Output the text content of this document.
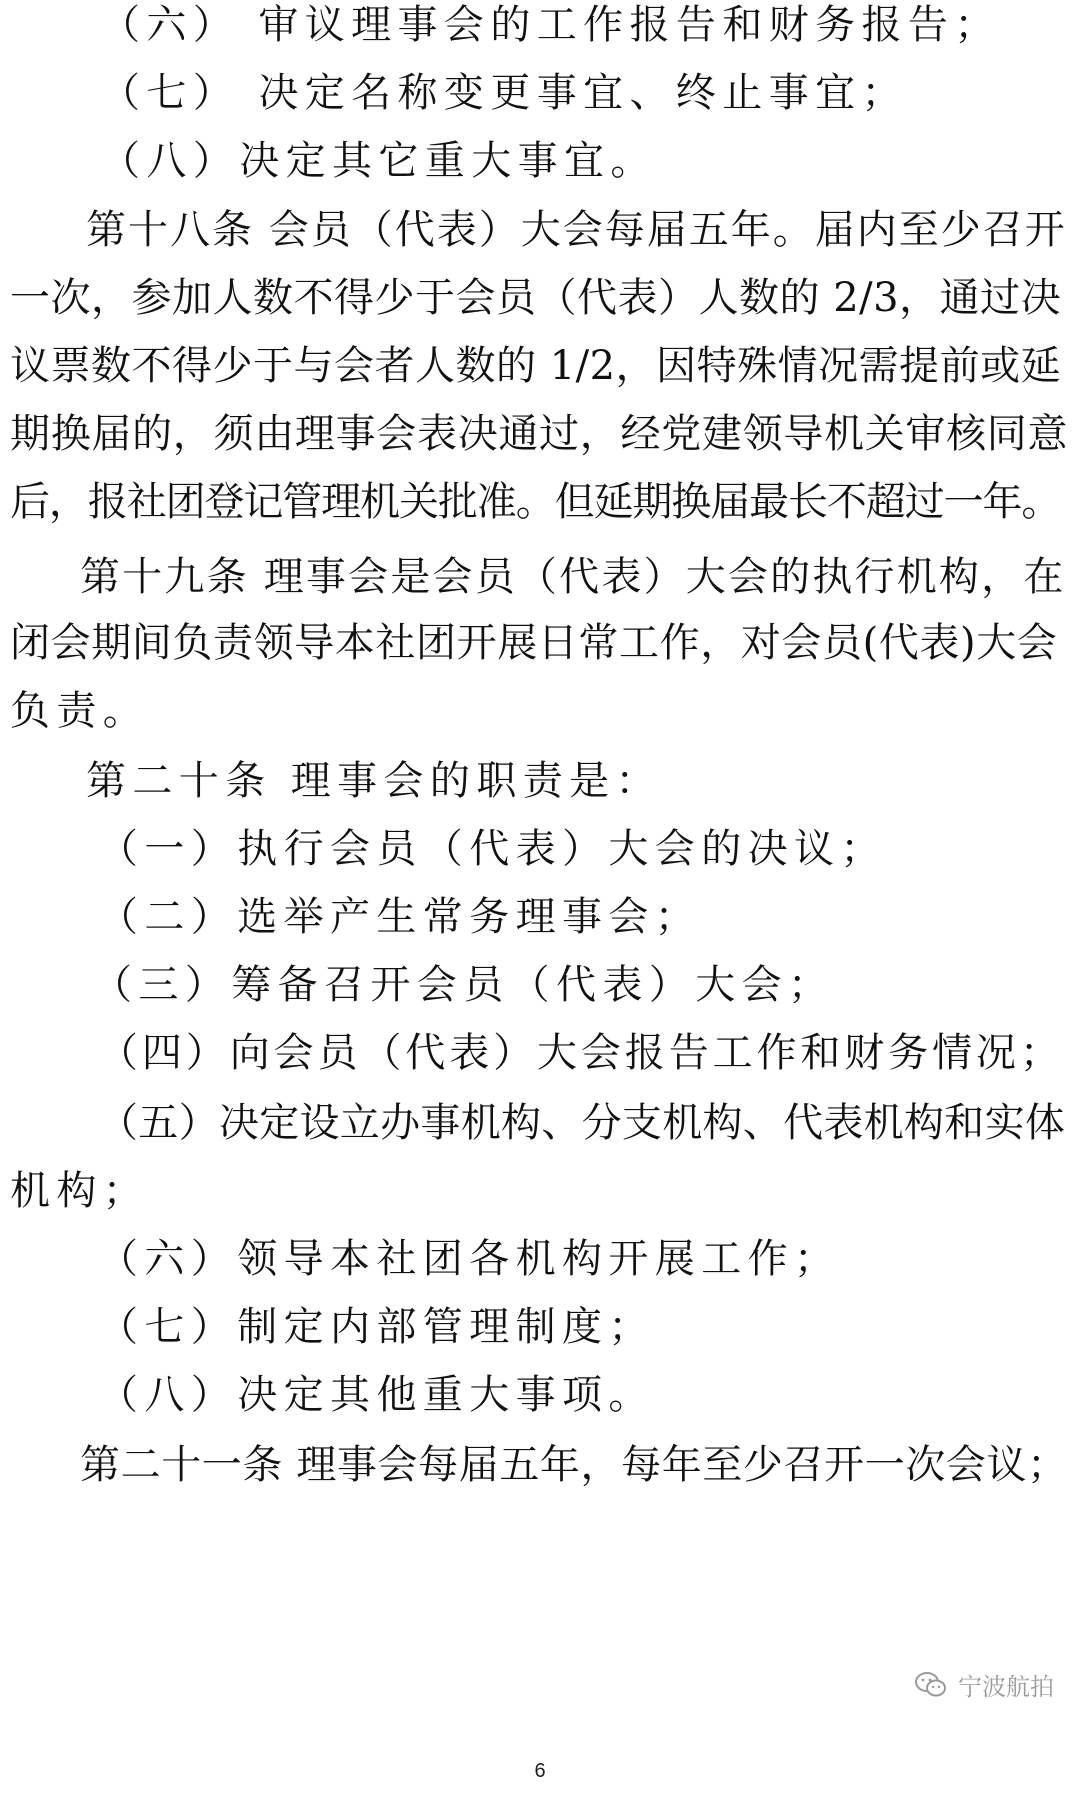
（六） 审议理事会的工作报告和财务报告；
（七） 决定名称变更事宜、终止事宜；
（八）决定其它重大事宜。
第十八条 会员（代表）大会每届五年。届内至少召开
一次，参加人数不得少于会员（代表）人数的 2/3，通过决
议票数不得少于与会者人数的 1/2，因特殊情况需提前或延
期换届的，须由理事会表决通过，经党建领导机关审核同意
后，报社团登记管理机关批准。但延期换届最长不超过一年。
第十九条 理事会是会员（代表）大会的执行机构，在
闭会期间负责领导本社团开展日常工作，对会员(代表)大会
负责。
第二十条 理事会的职责是：
（一）执行会员（代表）大会的决议；
（二）选举产生常务理事会；
（三）筹备召开会员（代表）大会；
（四）向会员（代表）大会报告工作和财务情况；
（五）决定设立办事机构、分支机构、代表机构和实体
机构；
（六）领导本社团各机构开展工作；
（七）制定内部管理制度；
（八）决定其他重大事项。
第二十一条 理事会每届五年，每年至少召开一次会议；
宁波航拍
6
